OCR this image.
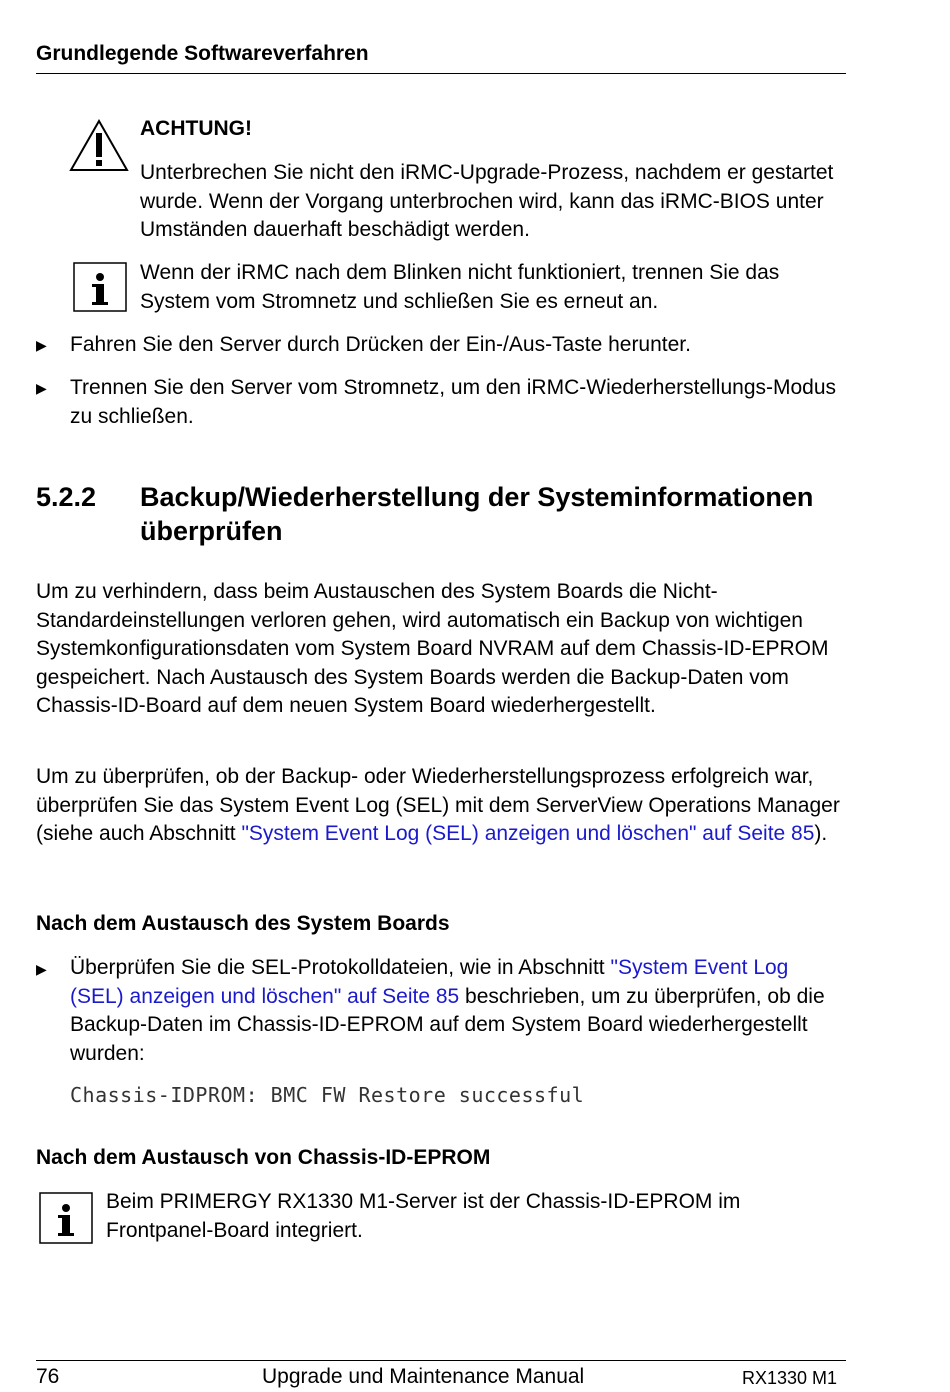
Grundlegende Softwareverfahren
ACHTUNG!
Unterbrechen Sie nicht den iRMC-Upgrade-Prozess, nachdem er gestartet wurde. Wenn der Vorgang unterbrochen wird, kann das iRMC-BIOS unter Umständen dauerhaft beschädigt werden.
Wenn der iRMC nach dem Blinken nicht funktioniert, trennen Sie das System vom Stromnetz und schließen Sie es erneut an.
▶ Fahren Sie den Server durch Drücken der Ein-/Aus-Taste herunter.
▶ Trennen Sie den Server vom Stromnetz, um den iRMC-Wiederherstellungs-Modus zu schließen.
5.2.2 Backup/Wiederherstellung der Systeminformationen überprüfen
Um zu verhindern, dass beim Austauschen des System Boards die Nicht-Standardeinstellungen verloren gehen, wird automatisch ein Backup von wichtigen Systemkonfigurationsdaten vom System Board NVRAM auf dem Chassis-ID-EPROM gespeichert. Nach Austausch des System Boards werden die Backup-Daten vom Chassis-ID-Board auf dem neuen System Board wiederhergestellt.
Um zu überprüfen, ob der Backup- oder Wiederherstellungsprozess erfolgreich war, überprüfen Sie das System Event Log (SEL) mit dem ServerView Operations Manager (siehe auch Abschnitt "System Event Log (SEL) anzeigen und löschen" auf Seite 85).
Nach dem Austausch des System Boards
▶ Überprüfen Sie die SEL-Protokolldateien, wie in Abschnitt "System Event Log (SEL) anzeigen und löschen" auf Seite 85 beschrieben, um zu überprüfen, ob die Backup-Daten im Chassis-ID-EPROM auf dem System Board wiederhergestellt wurden:
Chassis-IDPROM: BMC FW Restore successful
Nach dem Austausch von Chassis-ID-EPROM
Beim PRIMERGY RX1330 M1-Server ist der Chassis-ID-EPROM im Frontpanel-Board integriert.
76	Upgrade und Maintenance Manual	RX1330 M1
